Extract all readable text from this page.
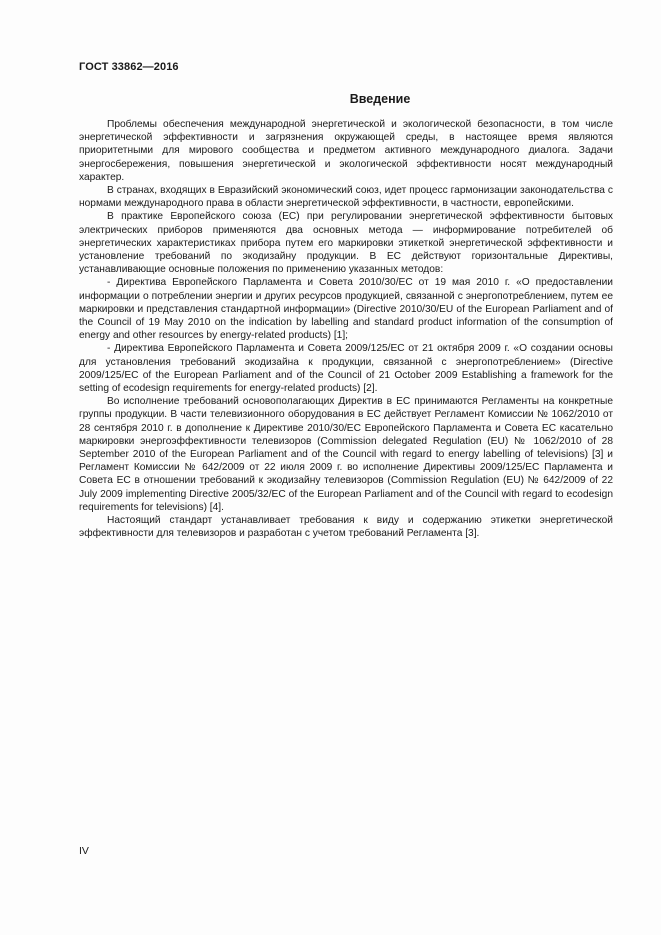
ГОСТ 33862—2016
Введение

Проблемы обеспечения международной энергетической и экологической безопасности, в том числе энергетической эффективности и загрязнения окружающей среды, в настоящее время являются приоритетными для мирового сообщества и предметом активного международного диалога. Задачи энергосбережения, повышения энергетической и экологической эффективности носят международный характер.

В странах, входящих в Евразийский экономический союз, идет процесс гармонизации законодательства с нормами международного права в области энергетической эффективности, в частности, европейскими.

В практике Европейского союза (ЕС) при регулировании энергетической эффективности бытовых электрических приборов применяются два основных метода — информирование потребителей об энергетических характеристиках прибора путем его маркировки этикеткой энергетической эффективности и установление требований по экодизайну продукции. В ЕС действуют горизонтальные Директивы, устанавливающие основные положения по применению указанных методов:

- Директива Европейского Парламента и Совета 2010/30/ЕС от 19 мая 2010 г. «О предоставлении информации о потреблении энергии и других ресурсов продукцией, связанной с энергопотреблением, путем ее маркировки и представления стандартной информации» (Directive 2010/30/EU of the European Parliament and of the Council of 19 May 2010 on the indication by labelling and standard product information of the consumption of energy and other resources by energy-related products) [1];

- Директива Европейского Парламента и Совета 2009/125/ЕС от 21 октября 2009 г. «О создании основы для установления требований экодизайна к продукции, связанной с энергопотреблением» (Directive 2009/125/EC of the European Parliament and of the Council of 21 October 2009 Establishing a framework for the setting of ecodesign requirements for energy-related products) [2].

Во исполнение требований основополагающих Директив в ЕС принимаются Регламенты на конкретные группы продукции. В части телевизионного оборудования в ЕС действует Регламент Комиссии № 1062/2010 от 28 сентября 2010 г. в дополнение к Директиве 2010/30/ЕС Европейского Парламента и Совета ЕС касательно маркировки энергоэффективности телевизоров (Commission delegated Regulation (EU) № 1062/2010 of 28 September 2010 of the European Parliament and of the Council with regard to energy labelling of televisions) [3] и Регламент Комиссии № 642/2009 от 22 июля 2009 г. во исполнение Директивы 2009/125/ЕС Парламента и Совета ЕС в отношении требований к экодизайну телевизоров (Commission Regulation (EU) № 642/2009 of 22 July 2009 implementing Directive 2005/32/EC of the European Parliament and of the Council with regard to ecodesign requirements for televisions) [4].

Настоящий стандарт устанавливает требования к виду и содержанию этикетки энергетической эффективности для телевизоров и разработан с учетом требований Регламента [3].

IV
